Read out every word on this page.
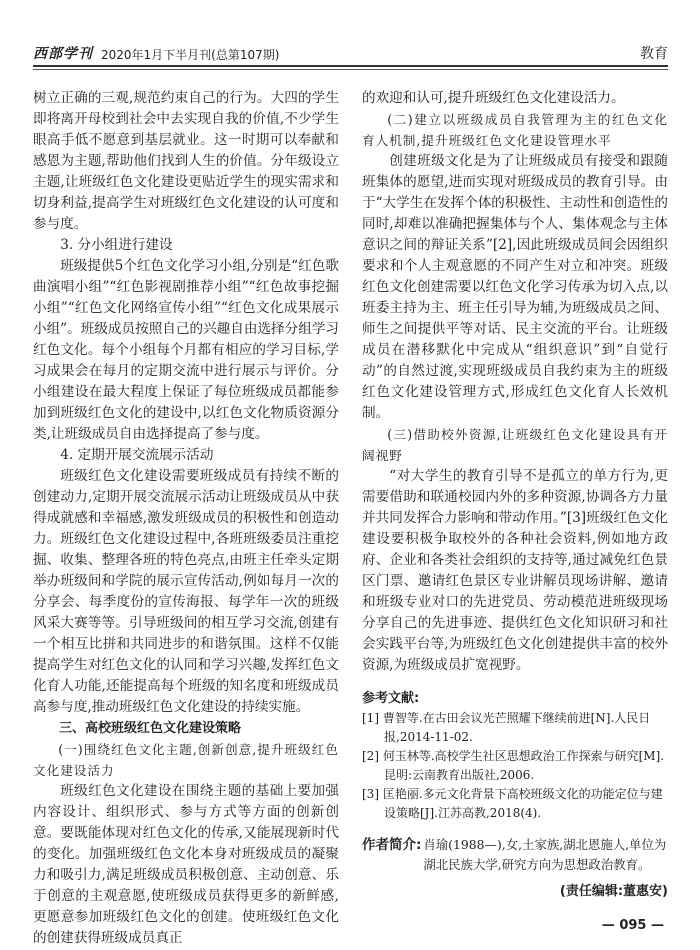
西部学刊 2020年1月下半月刊(总第107期)	教育

树立正确的三观,规范约束自己的行为。大四的学生即将离开母校到社会中去实现自我的价值,不少学生眼高手低不愿意到基层就业。这一时期可以奉献和感恩为主题,帮助他们找到人生的价值。分年级设立主题,让班级红色文化建设更贴近学生的现实需求和切身利益,提高学生对班级红色文化建设的认可度和参与度。

3. 分小组进行建设

班级提供5个红色文化学习小组,分别是“红色歌曲演唱小组”“红色影视剧推荐小组”“红色故事挖掘小组”“红色文化网络宣传小组”“红色文化成果展示小组”。班级成员按照自己的兴趣自由选择分组学习红色文化。每个小组每个月都有相应的学习目标,学习成果会在每月的定期交流中进行展示与评价。分小组建设在最大程度上保证了每位班级成员都能参加到班级红色文化的建设中,以红色文化物质资源分类,让班级成员自由选择提高了参与度。

4. 定期开展交流展示活动

班级红色文化建设需要班级成员有持续不断的创建动力,定期开展交流展示活动让班级成员从中获得成就感和幸福感,激发班级成员的积极性和创造动力。班级红色文化建设过程中,各班班级委员注重挖掘、收集、整理各班的特色亮点,由班主任牵头定期举办班级间和学院的展示宣传活动,例如每月一次的分享会、每季度份的宣传海报、每学年一次的班级风采大赛等等。引导班级间的相互学习交流,创建有一个相互比拼和共同进步的和谐氛围。这样不仅能提高学生对红色文化的认同和学习兴趣,发挥红色文化育人功能,还能提高每个班级的知名度和班级成员高参与度,推动班级红色文化建设的持续实施。

三、高校班级红色文化建设策略

(一)围绕红色文化主题,创新创意,提升班级红色文化建设活力

班级红色文化建设在围绕主题的基础上要加强内容设计、组织形式、参与方式等方面的创新创意。要既能体现对红色文化的传承,又能展现新时代的变化。加强班级红色文化本身对班级成员的凝聚力和吸引力,满足班级成员积极创意、主动创意、乐于创意的主观意愿,使班级成员获得更多的新鲜感,更愿意参加班级红色文化的创建。使班级红色文化的创建获得班级成员真正

的欢迎和认可,提升班级红色文化建设活力。

(二)建立以班级成员自我管理为主的红色文化育人机制,提升班级红色文化建设管理水平

创建班级文化是为了让班级成员有接受和跟随班集体的愿望,进而实现对班级成员的教育引导。由于“大学生在发挥个体的积极性、主动性和创造性的同时,却难以准确把握集体与个人、集体观念与主体意识之间的辩证关系”[2],因此班级成员间会因组织要求和个人主观意愿的不同产生对立和冲突。班级红色文化创建需要以红色文化学习传承为切入点,以班委主持为主、班主任引导为辅,为班级成员之间、师生之间提供平等对话、民主交流的平台。让班级成员在潜移默化中完成从“组织意识”到“自觉行动”的自然过渡,实现班级成员自我约束为主的班级红色文化建设管理方式,形成红色文化育人长效机制。

(三)借助校外资源,让班级红色文化建设具有开阔视野

“对大学生的教育引导不是孤立的单方行为,更需要借助和联通校园内外的多种资源,协调各方力量并共同发挥合力影响和带动作用。”[3]班级红色文化建设要积极争取校外的各种社会资料,例如地方政府、企业和各类社会组织的支持等,通过减免红色景区门票、邀请红色景区专业讲解员现场讲解、邀请和班级专业对口的先进党员、劳动模范进班级现场分享自己的先进事迹、提供红色文化知识研习和社会实践平台等,为班级红色文化创建提供丰富的校外资源,为班级成员扩宽视野。

参考文献:
[1] 曹智等.在古田会议光芒照耀下继续前进[N].人民日报,2014-11-02.
[2] 何玉林等.高校学生社区思想政治工作探索与研究[M].昆明:云南教育出版社,2006.
[3] 匡艳丽.多元文化背景下高校班级文化的功能定位与建设策略[J].江苏高教,2018(4).
作者简介: 肖瑜(1988—),女,土家族,湖北恩施人,单位为湖北民族大学,研究方向为思想政治教育。
(责任编辑:董惠安)
— 095 —
